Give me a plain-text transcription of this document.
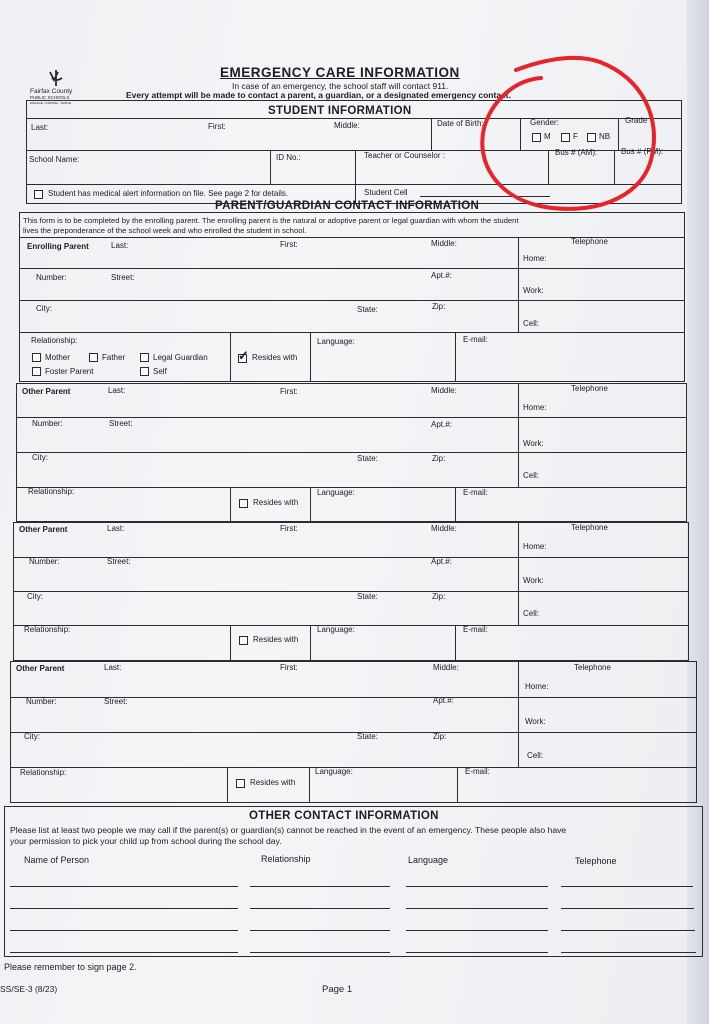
Fairfax County
PUBLIC SCHOOLS
ENGAGE • INSPIRE • THRIVE
EMERGENCY CARE INFORMATION
In case of an emergency, the school staff will contact 911.
Every attempt will be made to contact a parent, a guardian, or a designated emergency contact.
STUDENT INFORMATION
Last:	First:	Middle:	Date of Birth:	Gender:
M	F	NB
Grade
School Name:	ID No.:	Teacher or Counselor :	Bus # (AM):	Bus # (PM):
Student has medical alert information on file. See page 2 for details.	Student Cell
PARENT/GUARDIAN CONTACT INFORMATION
This form is to be completed by the enrolling parent. The enrolling parent is the natural or adoptive parent or legal guardian with whom the student
lives the preponderance of the school week and who enrolled the student in school.
Enrolling Parent	Last:	First:	Middle:	Telephone
Home:
Number:	Street:	Apt.#:
Work:
City:	State:	Zip:
Cell:
Relationship:	Language:	E-mail:
Mother	Father	Legal Guardian
Foster Parent	Self
✓ Resides with
Other Parent	Last:	First:	Middle:	Telephone
Home:
Number:	Street:	Apt.#:
Work:
City:	State:	Zip:
Cell:
Relationship:	Language:	E-mail:
Resides with
Other Parent	Last:	First:	Middle:	Telephone
Home:
Number:	Street:	Apt.#:
Work:
City:	State:	Zip:
Cell:
Relationship:	Language:	E-mail:
Resides with
Other Parent	Last:	First:	Middle:	Telephone
Home:
Number:	Street:	Apt.#:
Work:
City:	State:	Zip:
Cell:
Relationship:	Language:	E-mail:
Resides with
OTHER CONTACT INFORMATION
Please list at least two people we may call if the parent(s) or guardian(s) cannot be reached in the event of an emergency. These people also have
your permission to pick your child up from school during the school day.
Name of Person	Relationship	Language	Telephone
Please remember to sign page 2.
SS/SE-3 (8/23)	Page 1
